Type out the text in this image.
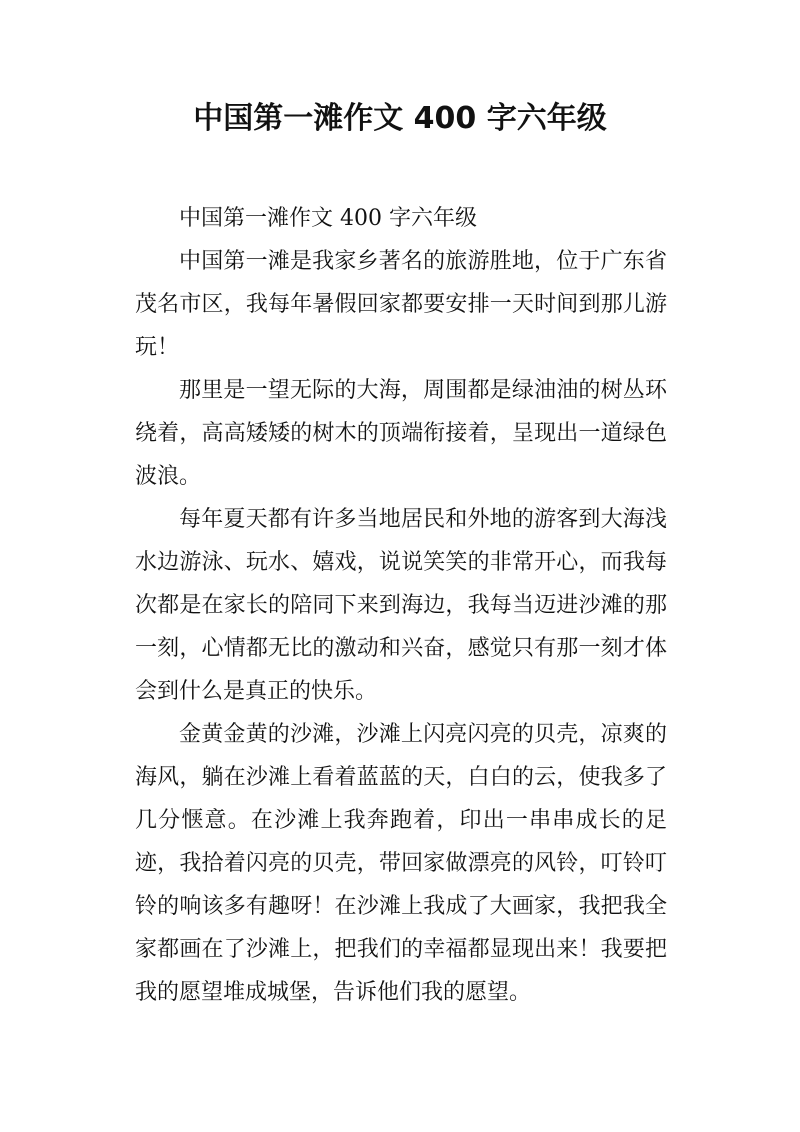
中国第一滩作文 400 字六年级

中国第一滩作文 400 字六年级

中国第一滩是我家乡著名的旅游胜地，位于广东省茂名市区，我每年暑假回家都要安排一天时间到那儿游玩！

那里是一望无际的大海，周围都是绿油油的树丛环绕着，高高矮矮的树木的顶端衔接着，呈现出一道绿色波浪。

每年夏天都有许多当地居民和外地的游客到大海浅水边游泳、玩水、嬉戏，说说笑笑的非常开心，而我每次都是在家长的陪同下来到海边，我每当迈进沙滩的那一刻，心情都无比的激动和兴奋，感觉只有那一刻才体会到什么是真正的快乐。

金黄金黄的沙滩，沙滩上闪亮闪亮的贝壳，凉爽的海风，躺在沙滩上看着蓝蓝的天，白白的云，使我多了几分惬意。在沙滩上我奔跑着，印出一串串成长的足迹，我拾着闪亮的贝壳，带回家做漂亮的风铃，叮铃叮铃的响该多有趣呀！在沙滩上我成了大画家，我把我全家都画在了沙滩上，把我们的幸福都显现出来！我要把我的愿望堆成城堡，告诉他们我的愿望。
